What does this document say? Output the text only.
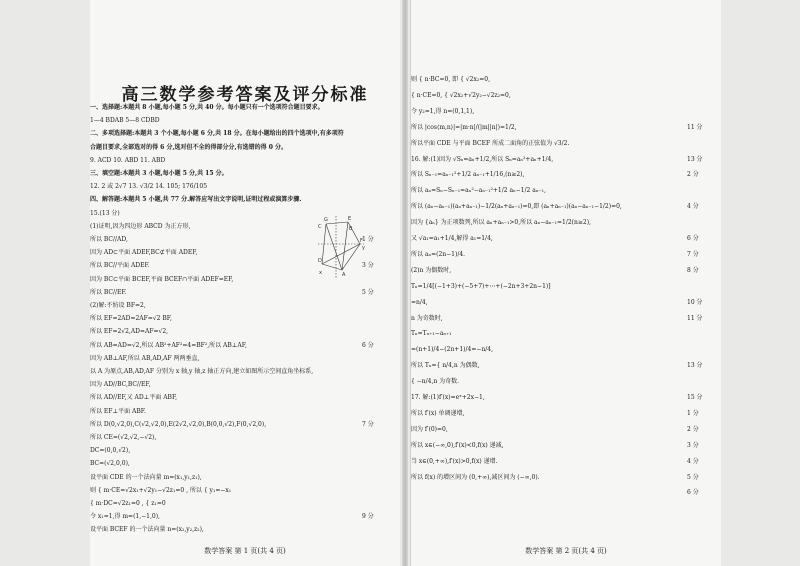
高三数学参考答案及评分标准
一、选择题:本题共 8 小题,每小题 5 分,共 40 分。每小题只有一个选项符合题目要求。
1—4 BDAB 5—8 CDBD
二、多项选择题:本题共 3 个小题,每小题 6 分,共 18 分。在每小题给出的四个选项中,有多项符
合题目要求,全部选对的得 6 分,选对但不全的得部分分,有选错的得 0 分。
9. ACD 10. ABD 11. ABD
三、填空题:本题共 3 小题,每小题 5 分,共 15 分。
12. 2 或 2√7 13. √3/2 14. 105; 176/105
四、解答题:本题共 5 小题,共 77 分.解答应写出文字说明,证明过程或演算步骤.
15.(13 分)
(1)证明,因为四边形 ABCD 为正方形,
所以 BC//AD,
因为 AD⊂平面 ADEF,BC⊄平面 ADEF,
所以 BC//平面 ADEF.
因为 BC⊂平面 BCEF,平面 BCEF∩平面 ADEF=EF,
所以 BC//EF.
(2)解:不妨设 BF=2,
所以 EF=2AD=2AF=√2 BF,
所以 EF=2√2,AD=AF=√2,
所以 AB=AD=√2,所以 AB²+AF²=4=BF²,所以 AB⊥AF,
因为 AB⊥AF,所以 AB,AD,AF 两两垂直,
以 A 为原点,AB,AD,AF 分别为 x 轴,y 轴,z 轴正方向,建立如图所示空间直角坐标系,
因为 AD//BC,BC//EF,
所以 AD//EF,又 AD⊥平面 ABF,
所以 EF⊥平面 ABF.
所以 D(0,√2,0),C(√2,√2,0),E(2√2,√2,0),B(0,0,√2),F(0,√2,0),
所以 CE=(√2,√2,−√2),
DC=(0,0,√2),
BC=(√2,0,0),
设平面 CDE 的一个法向量 m=(x₁,y₁,z₁),
则 { m·CE=√2x₁+√2y₁−√2z₁=0 , 所以 { y₁=−x₁
{ m·DC=√2z₁=0 , { z₁=0
令 x₁=1,得 m=(1,−1,0),
设平面 BCEF 的一个法向量 n=(x₂,y₂,z₂),
1 分
3 分
5 分
6 分
7 分
9 分
G	E
C	B
F
D
A
y
x
数学答案 第 1 页(共 4 页)
则 { n·BC=0, 即 { √2x₂=0,
{ n·CE=0, { √2x₂+√2y₂−√2z₂=0,
令 y₂=1,得 n=(0,1,1),
所以 |cos⟨m,n⟩|=|m·n|/(|m||n|)=1/2,
所以平面 CDE 与平面 BCEF 所成二面角的正弦值为 √3/2.
16. 解:(1)因为 √Sₙ=aₙ+1/2,所以 Sₙ=aₙ²+aₙ+1/4,
所以 Sₙ₋₁=aₙ₋₁²+1/2 aₙ₋₁+1/16,(n≥2),
所以 aₙ=Sₙ−Sₙ₋₁=aₙ²−aₙ₋₁²+1/2 aₙ−1/2 aₙ₋₁,
所以 (aₙ−aₙ₋₁)(aₙ+aₙ₋₁)−1/2(aₙ+aₙ₋₁)=0,即 (aₙ+aₙ₋₁)(aₙ−aₙ₋₁−1/2)=0,
因为 {aₙ} 为正项数列,所以 aₙ+aₙ₋₁>0,所以 aₙ−aₙ₋₁=1/2(n≥2),
又 √a₁=a₁+1/4,解得 a₁=1/4,
所以 aₙ=(2n−1)/4.
(2)n 为偶数时,
Tₙ=1/4[(−1+3)+(−5+7)+⋯+(−2n+3+2n−1)]
=n/4,
n 为奇数时,
Tₙ=Tₙ₊₁−aₙ₊₁
=(n+1)/4−(2n+1)/4=−n/4,
所以 Tₙ={ n/4,n 为偶数,
{ −n/4,n 为奇数.
17. 解:(1)f′(x)=eˣ+2x−1,
所以 f′(x) 单调递增,
因为 f′(0)=0,
所以 x∈(−∞,0),f′(x)<0,f(x) 递减,
当 x∈(0,+∞),f′(x)>0,f(x) 递增.
所以 f(x) 的增区间为 (0,+∞),减区间为 (−∞,0).
11 分
13 分
2 分
4 分
6 分
7 分
8 分
10 分
11 分
13 分
15 分
1 分
2 分
3 分
4 分
5 分
6 分
数学答案 第 2 页(共 4 页)
